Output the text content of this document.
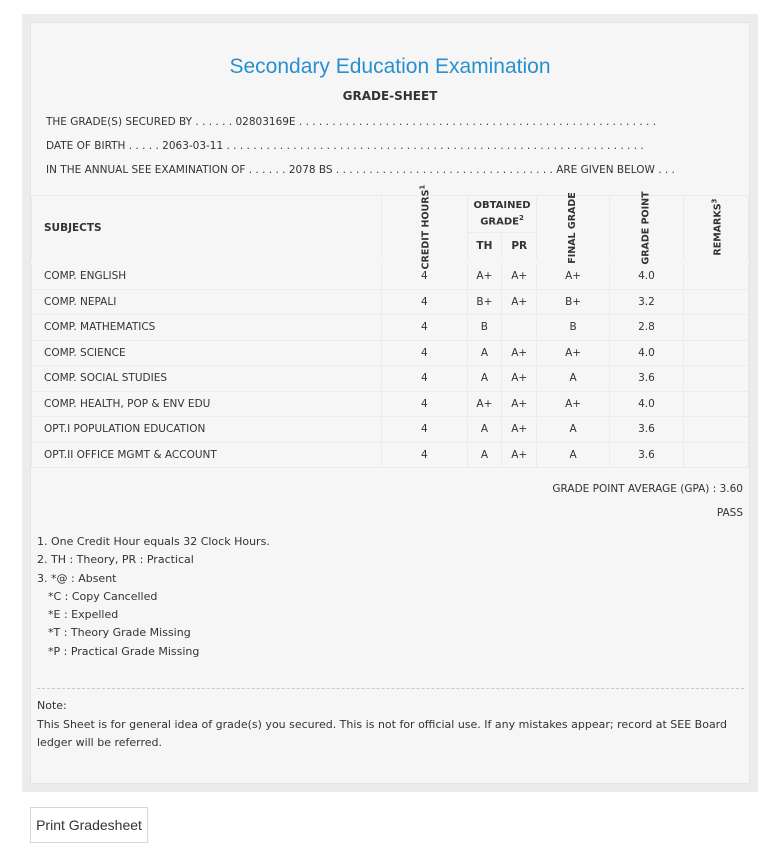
Secondary Education Examination
GRADE-SHEET
THE GRADE(S) SECURED BY . . . . . . 02803169E . . . . . . . . . . . . . . . . . . . . . . . . . . . . . . . . . . . . . . . . . . . . . . . . . . . . . .
DATE OF BIRTH . . . . . 2063-03-11 . . . . . . . . . . . . . . . . . . . . . . . . . . . . . . . . . . . . . . . . . . . . . . . . . . . . . . . . . . . . . . .
IN THE ANNUAL SEE EXAMINATION OF . . . . . . 2078 BS . . . . . . . . . . . . . . . . . . . . . . . . . . . . . . . . . ARE GIVEN BELOW . . .
SUBJECTS	CREDIT HOURS$^1$	OBTAINED GRADE$^2$		FINAL GRADE	GRADE POINT	REMARKS$^3$

		TH	PR			
COMP. ENGLISH	4	A+	A+	A+	4.0	
COMP. NEPALI	4	B+	A+	B+	3.2	
COMP. MATHEMATICS	4	B		B	2.8	
COMP. SCIENCE	4	A	A+	A+	4.0	
COMP. SOCIAL STUDIES	4	A	A+	A	3.6	
COMP. HEALTH, POP & ENV EDU	4	A+	A+	A+	4.0	
OPT.I POPULATION EDUCATION	4	A	A+	A	3.6	
OPT.II OFFICE MGMT & ACCOUNT	4	A	A+	A	3.6	
GRADE POINT AVERAGE (GPA) : 3.60
PASS
1. One Credit Hour equals 32 Clock Hours.
2. TH : Theory, PR : Practical
3. *@ : Absent
*C : Copy Cancelled
*E : Expelled
*T : Theory Grade Missing
*P : Practical Grade Missing
Note:
This Sheet is for general idea of grade(s) you secured. This is not for official use. If any mistakes appear; record at SEE Board ledger will be referred.
Print Gradesheet
